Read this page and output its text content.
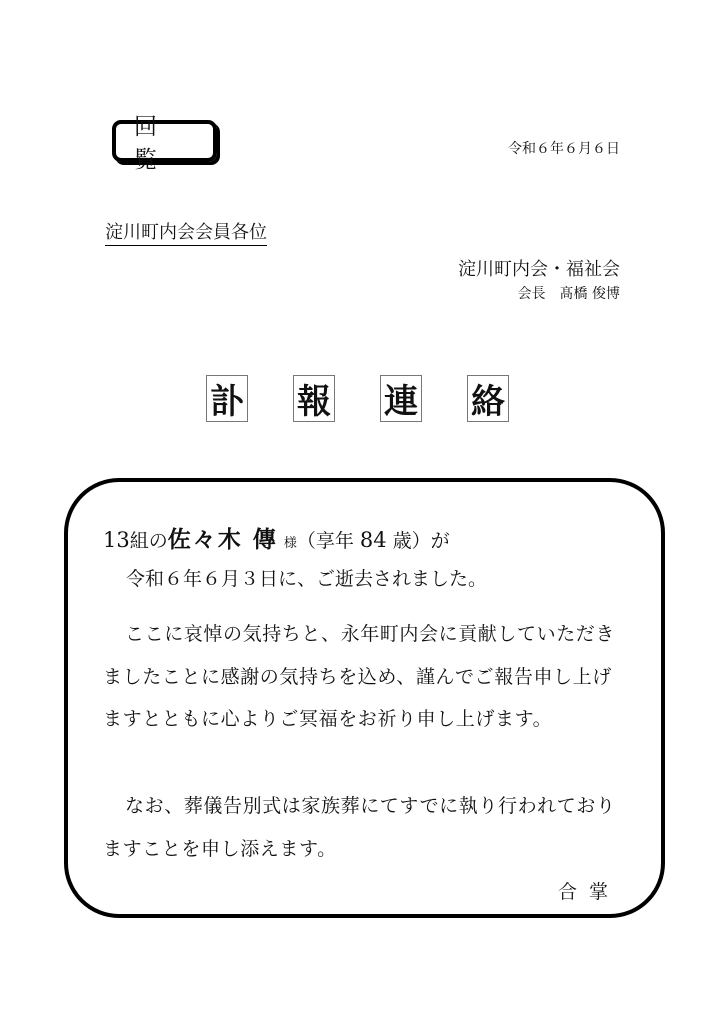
回 覧	令和６年６月６日
淀川町内会会員各位
淀川町内会・福祉会
会長　髙橋 俊博
訃 報 連 絡
13組の佐々木 傳 様（享年 84 歳）が
令和６年６月３日に、ご逝去されました。
ここに哀悼の気持ちと、永年町内会に貢献していただきましたことに感謝の気持ちを込め、謹んでご報告申し上げますとともに心よりご冥福をお祈り申し上げます。
なお、葬儀告別式は家族葬にてすでに執り行われておりますことを申し添えます。
合掌
